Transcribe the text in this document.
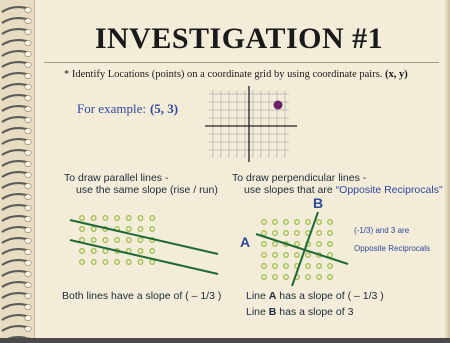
INVESTIGATION #1
* Identify Locations (points) on a coordinate grid by using coordinate pairs. (x, y)
For example: (5, 3)
To draw parallel lines -
use the same slope (rise / run)
Both lines have a slope of ( – 1/3 )
To draw perpendicular lines -
use slopes that are “Opposite Reciprocals”
B
A
(-1/3) and 3 are
Opposite Reciprocals
Line A has a slope of ( – 1/3 )
Line B has a slope of 3
